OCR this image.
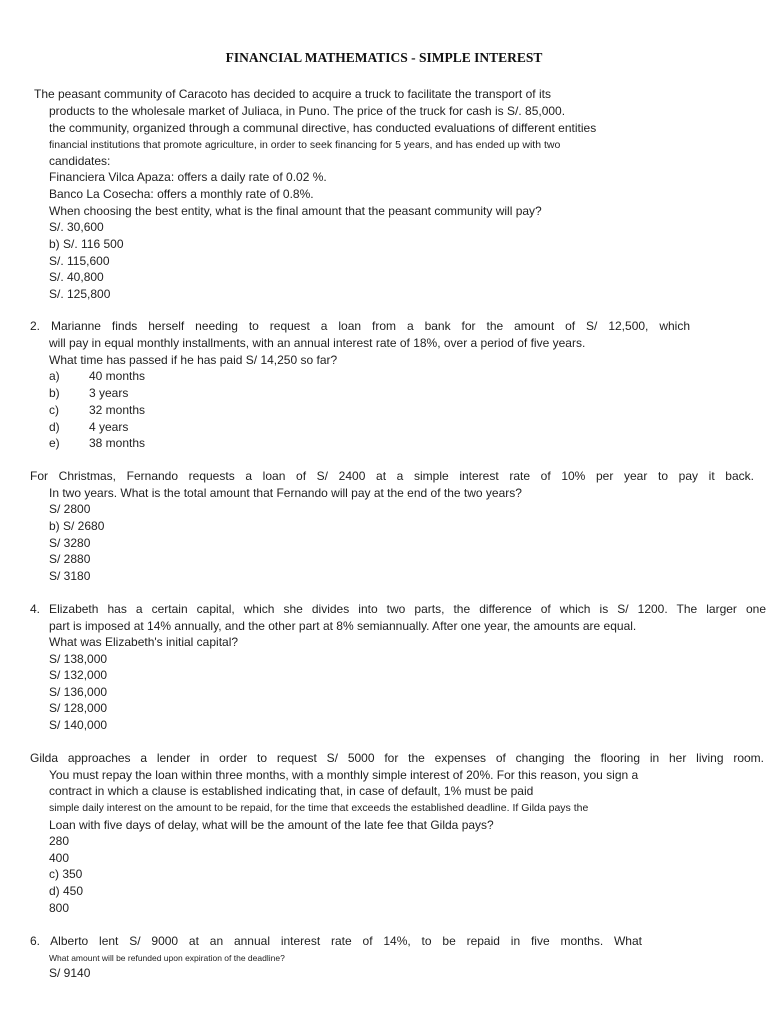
FINANCIAL MATHEMATICS - SIMPLE INTEREST
The peasant community of Caracoto has decided to acquire a truck to facilitate the transport of its
products to the wholesale market of Juliaca, in Puno. The price of the truck for cash is S/. 85,000.
the community, organized through a communal directive, has conducted evaluations of different entities
financial institutions that promote agriculture, in order to seek financing for 5 years, and has ended up with two
candidates:
Financiera Vilca Apaza: offers a daily rate of 0.02 %.
Banco La Cosecha: offers a monthly rate of 0.8%.
When choosing the best entity, what is the final amount that the peasant community will pay?
S/. 30,600
b) S/. 116 500
S/. 115,600
S/. 40,800
S/. 125,800
2. Marianne finds herself needing to request a loan from a bank for the amount of S/ 12,500, which
will pay in equal monthly installments, with an annual interest rate of 18%, over a period of five years.
What time has passed if he has paid S/ 14,250 so far?
a) 40 months
b) 3 years
c)	32 months
d) 4 years
e) 38 months
For Christmas, Fernando requests a loan of S/ 2400 at a simple interest rate of 10% per year to pay it back.
In two years. What is the total amount that Fernando will pay at the end of the two years?
S/ 2800
b) S/ 2680
S/ 3280
S/ 2880
S/ 3180
4. Elizabeth has a certain capital, which she divides into two parts, the difference of which is S/ 1200. The larger one
part is imposed at 14% annually, and the other part at 8% semiannually. After one year, the amounts are equal.
What was Elizabeth's initial capital?
S/ 138,000
S/ 132,000
S/ 136,000
S/ 128,000
S/ 140,000
Gilda approaches a lender in order to request S/ 5000 for the expenses of changing the flooring in her living room.
You must repay the loan within three months, with a monthly simple interest of 20%. For this reason, you sign a
contract in which a clause is established indicating that, in case of default, 1% must be paid
simple daily interest on the amount to be repaid, for the time that exceeds the established deadline. If Gilda pays the
Loan with five days of delay, what will be the amount of the late fee that Gilda pays?
280
400
c) 350
d) 450
800
6. Alberto lent S/ 9000 at an annual interest rate of 14%, to be repaid in five months. What
What amount will be refunded upon expiration of the deadline?
S/ 9140
